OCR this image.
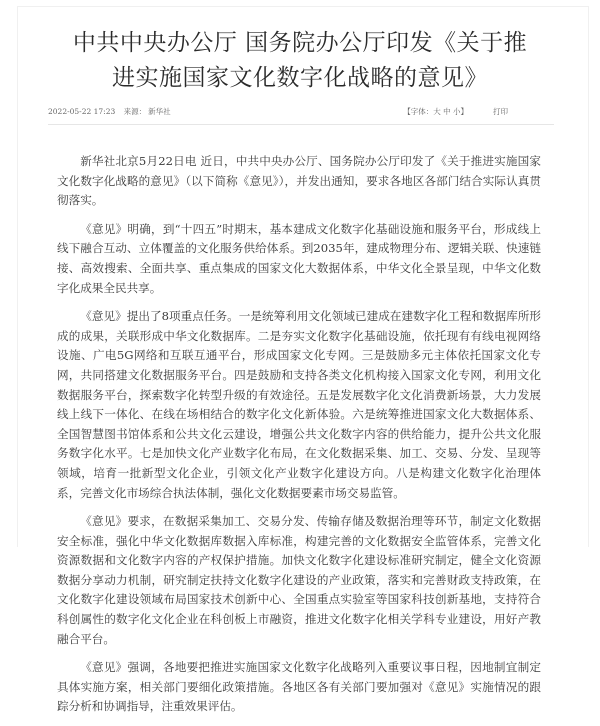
中共中央办公厅 国务院办公厅印发《关于推进实施国家文化数字化战略的意见》
2022-05-22 17:23 来源： 新华社	【字体：大 中 小】	打印

新华社北京5月22日电 近日，中共中央办公厅、国务院办公厅印发了《关于推进实施国家文化数字化战略的意见》（以下简称《意见》），并发出通知，要求各地区各部门结合实际认真贯彻落实。

《意见》明确，到“十四五”时期末，基本建成文化数字化基础设施和服务平台，形成线上线下融合互动、立体覆盖的文化服务供给体系。到2035年，建成物理分布、逻辑关联、快速链接、高效搜索、全面共享、重点集成的国家文化大数据体系，中华文化全景呈现，中华文化数字化成果全民共享。

《意见》提出了8项重点任务。一是统筹利用文化领域已建成在建数字化工程和数据库所形成的成果，关联形成中华文化数据库。二是夯实文化数字化基础设施，依托现有有线电视网络设施、广电5G网络和互联互通平台，形成国家文化专网。三是鼓励多元主体依托国家文化专网，共同搭建文化数据服务平台。四是鼓励和支持各类文化机构接入国家文化专网，利用文化数据服务平台，探索数字化转型升级的有效途径。五是发展数字化文化消费新场景，大力发展线上线下一体化、在线在场相结合的数字化文化新体验。六是统筹推进国家文化大数据体系、全国智慧图书馆体系和公共文化云建设，增强公共文化数字内容的供给能力，提升公共文化服务数字化水平。七是加快文化产业数字化布局，在文化数据采集、加工、交易、分发、呈现等领域，培育一批新型文化企业，引领文化产业数字化建设方向。八是构建文化数字化治理体系，完善文化市场综合执法体制，强化文化数据要素市场交易监管。

《意见》要求，在数据采集加工、交易分发、传输存储及数据治理等环节，制定文化数据安全标准，强化中华文化数据库数据入库标准，构建完善的文化数据安全监管体系，完善文化资源数据和文化数字内容的产权保护措施。加快文化数字化建设标准研究制定，健全文化资源数据分享动力机制，研究制定扶持文化数字化建设的产业政策，落实和完善财政支持政策，在文化数字化建设领域布局国家技术创新中心、全国重点实验室等国家科技创新基地，支持符合科创属性的数字化文化企业在科创板上市融资，推进文化数字化相关学科专业建设，用好产教融合平台。

《意见》强调，各地要把推进实施国家文化数字化战略列入重要议事日程，因地制宜制定具体实施方案，相关部门要细化政策措施。各地区各有关部门要加强对《意见》实施情况的跟踪分析和协调指导，注重效果评估。
